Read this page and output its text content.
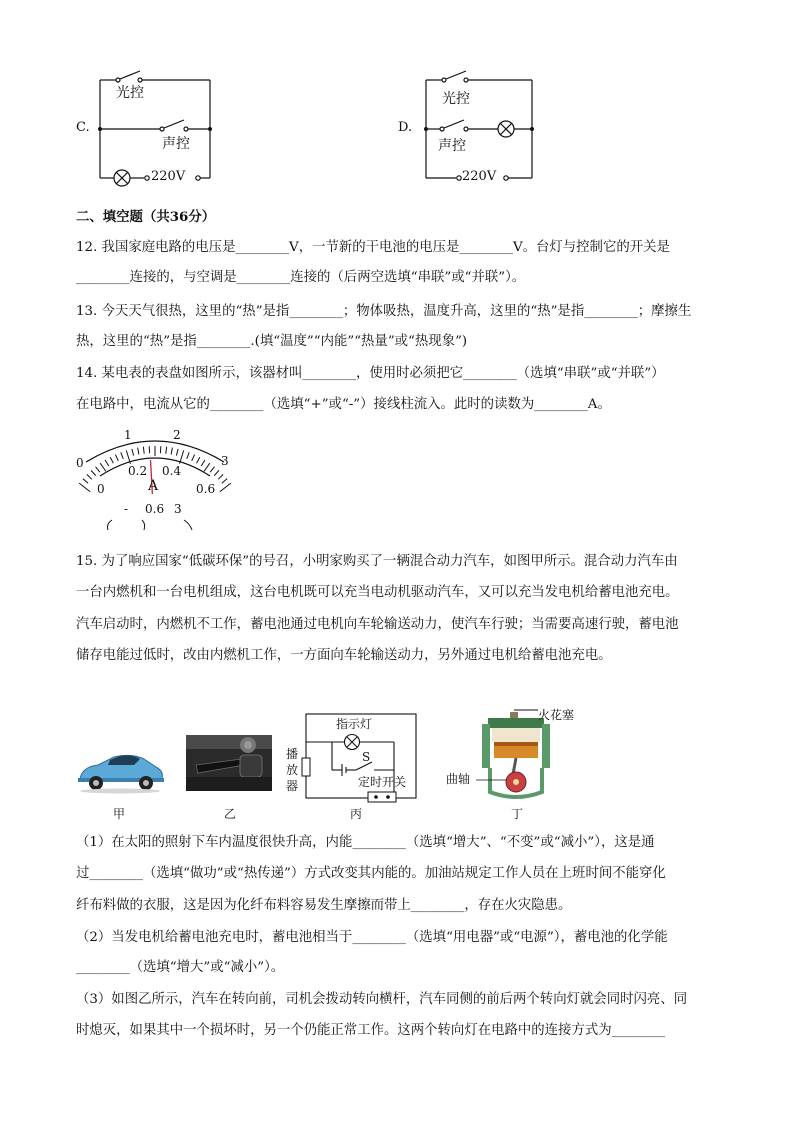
C.
光控
声控
220V
D.
光控
声控
220V
二、填空题（共36分）
12. 我国家庭电路的电压是________V，一节新的干电池的电压是________V。台灯与控制它的开关是
________连接的，与空调是________连接的（后两空选填“串联”或“并联”）。
13. 今天天气很热，这里的“热”是指________；物体吸热，温度升高，这里的“热”是指________；摩擦生
热，这里的“热”是指________.(填“温度”“内能”“热量”或“热现象”)
14. 某电表的表盘如图所示，该器材叫________，使用时必须把它________（选填“串联”或“并联”）
在电路中，电流从它的________（选填“+”或“-”）接线柱流入。此时的读数为________A。
0
1	2
3
0
0.2 0.4
0.6
A
- 0.6 3
15. 为了响应国家“低碳环保”的号召，小明家购买了一辆混合动力汽车，如图甲所示。混合动力汽车由
一台内燃机和一台电机组成，这台电机既可以充当电动机驱动汽车，又可以充当发电机给蓄电池充电。
汽车启动时，内燃机不工作，蓄电池通过电机向车轮输送动力，使汽车行驶；当需要高速行驶，蓄电池
储存电能过低时，改由内燃机工作，一方面向车轮输送动力，另外通过电机给蓄电池充电。
甲	乙
指示灯
播放器
S
定时开关
丙
火花塞
曲轴
丁
（1）在太阳的照射下车内温度很快升高，内能________（选填“增大”、“不变”或“减小”），这是通
过________（选填“做功”或“热传递”）方式改变其内能的。加油站规定工作人员在上班时间不能穿化
纤布料做的衣服，这是因为化纤布料容易发生摩擦而带上________，存在火灾隐患。
（2）当发电机给蓄电池充电时，蓄电池相当于________（选填“用电器”或“电源”），蓄电池的化学能
________（选填“增大”或“减小”）。
（3）如图乙所示，汽车在转向前，司机会拨动转向横杆，汽车同侧的前后两个转向灯就会同时闪亮、同
时熄灭，如果其中一个损坏时，另一个仍能正常工作。这两个转向灯在电路中的连接方式为________
